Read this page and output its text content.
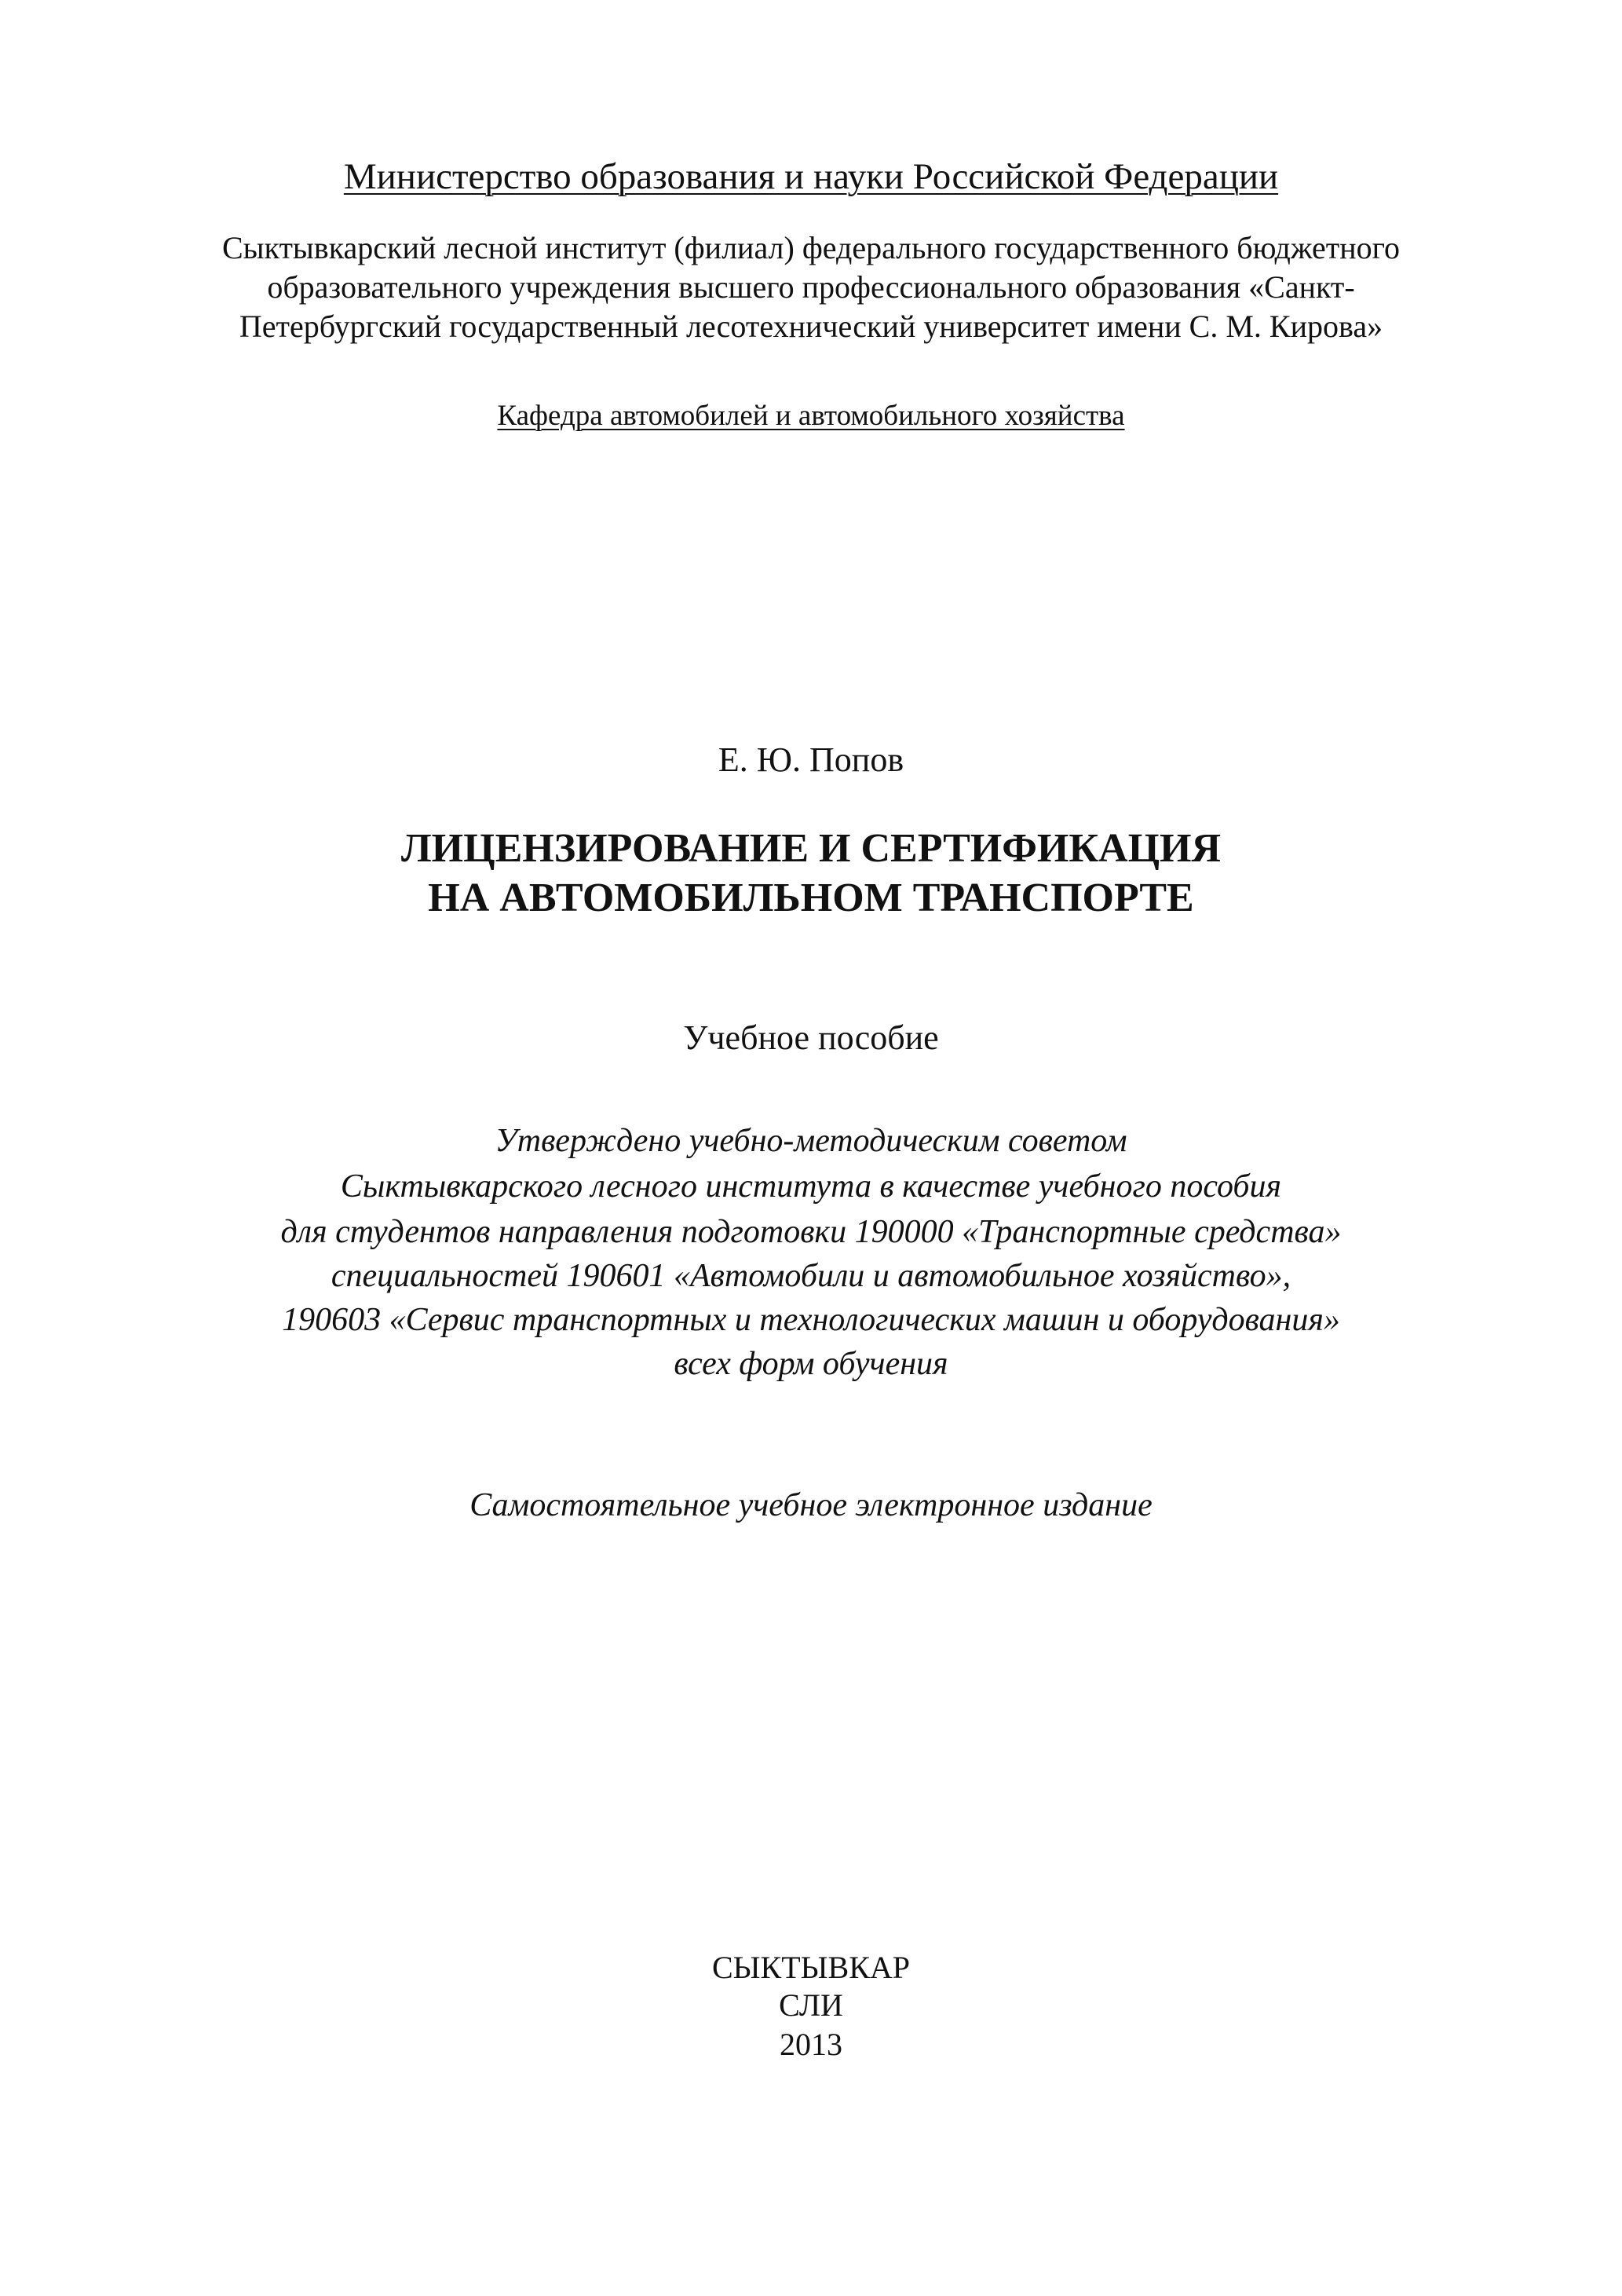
Министерство образования и науки Российской Федерации
Сыктывкарский лесной институт (филиал) федерального государственного бюджетного
образовательного учреждения высшего профессионального образования «Санкт-
Петербургский государственный лесотехнический университет имени С. М. Кирова»
Кафедра автомобилей и автомобильного хозяйства
Е. Ю. Попов
ЛИЦЕНЗИРОВАНИЕ И СЕРТИФИКАЦИЯ
НА АВТОМОБИЛЬНОМ ТРАНСПОРТЕ
Учебное пособие
Утверждено учебно-методическим советом
Сыктывкарского лесного института в качестве учебного пособия
для студентов направления подготовки 190000 «Транспортные средства»
специальностей 190601 «Автомобили и автомобильное хозяйство»,
190603 «Сервис транспортных и технологических машин и оборудования»
всех форм обучения
Самостоятельное учебное электронное издание
СЫКТЫВКАР
СЛИ
2013
